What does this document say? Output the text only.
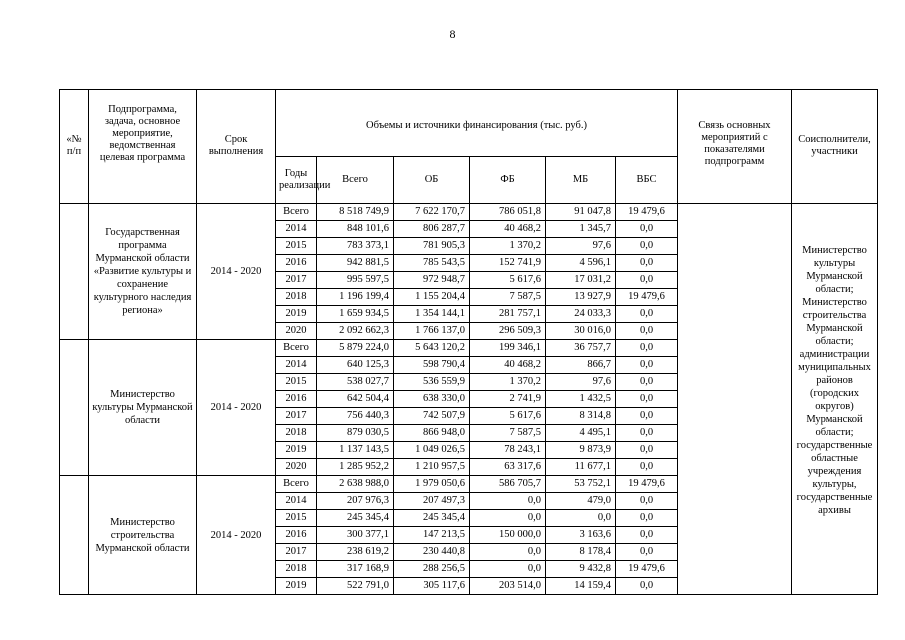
8
«№ п/п	Подпрограмма, задача, основное мероприятие, ведомственная целевая программа	Срок выполнения	Объемы и источники финансирования (тыс. руб.)						Связь основных мероприятий с показателями подпрограмм	Соисполнители, участники
			Годы реализации	Всего	ОБ	ФБ	МБ	ВБС		
	Государственная программа Мурманской области «Развитие культуры и сохранение культурного наследия региона»	2014 - 2020	Всего	8 518 749,9	7 622 170,7	786 051,8	91 047,8	19 479,6		Министерство культуры Мурманской области; Министерство строительства Мурманской области; администрации муниципальных районов (городских округов) Мурманской области; государственные областные учреждения культуры, государственные архивы
			2014	848 101,6	806 287,7	40 468,2	1 345,7	0,0		
			2015	783 373,1	781 905,3	1 370,2	97,6	0,0		
			2016	942 881,5	785 543,5	152 741,9	4 596,1	0,0		
			2017	995 597,5	972 948,7	5 617,6	17 031,2	0,0		
			2018	1 196 199,4	1 155 204,4	7 587,5	13 927,9	19 479,6		
			2019	1 659 934,5	1 354 144,1	281 757,1	24 033,3	0,0		
			2020	2 092 662,3	1 766 137,0	296 509,3	30 016,0	0,0		
	Министерство культуры Мурманской области	2014 - 2020	Всего	5 879 224,0	5 643 120,2	199 346,1	36 757,7	0,0		
			2014	640 125,3	598 790,4	40 468,2	866,7	0,0		
			2015	538 027,7	536 559,9	1 370,2	97,6	0,0		
			2016	642 504,4	638 330,0	2 741,9	1 432,5	0,0		
			2017	756 440,3	742 507,9	5 617,6	8 314,8	0,0		
			2018	879 030,5	866 948,0	7 587,5	4 495,1	0,0		
			2019	1 137 143,5	1 049 026,5	78 243,1	9 873,9	0,0		
			2020	1 285 952,2	1 210 957,5	63 317,6	11 677,1	0,0		
	Министерство строительства Мурманской области	2014 - 2020	Всего	2 638 988,0	1 979 050,6	586 705,7	53 752,1	19 479,6		
			2014	207 976,3	207 497,3	0,0	479,0	0,0		
			2015	245 345,4	245 345,4	0,0	0,0	0,0		
			2016	300 377,1	147 213,5	150 000,0	3 163,6	0,0		
			2017	238 619,2	230 440,8	0,0	8 178,4	0,0		
			2018	317 168,9	288 256,5	0,0	9 432,8	19 479,6		
			2019	522 791,0	305 117,6	203 514,0	14 159,4	0,0		
